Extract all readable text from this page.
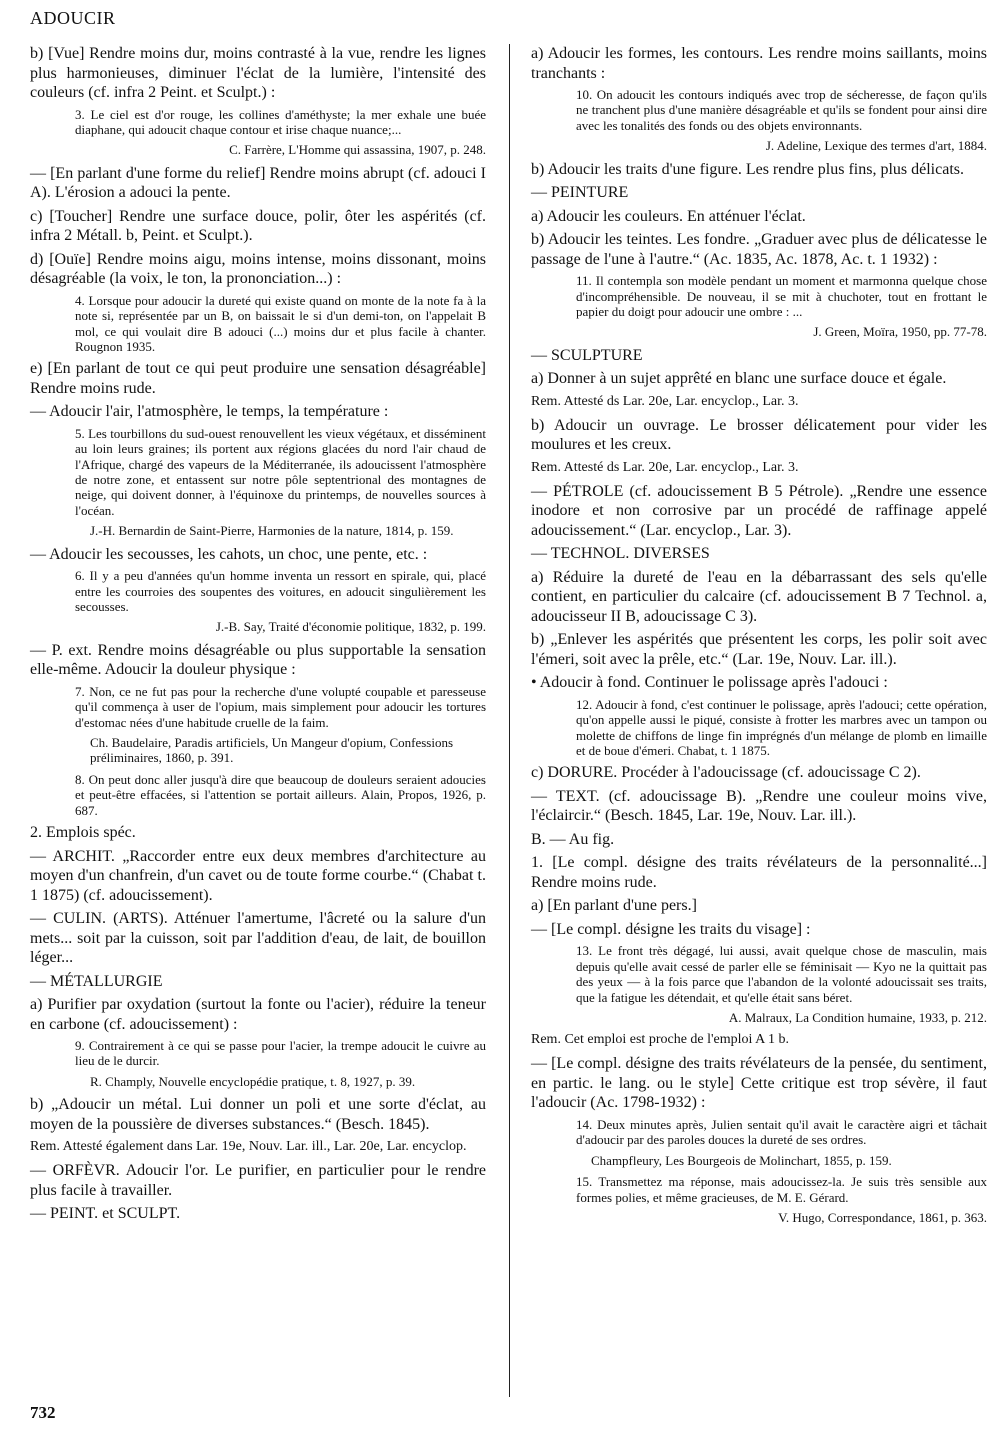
ADOUCIR
b) [Vue] Rendre moins dur, moins contrasté à la vue, rendre les lignes plus harmonieuses, diminuer l'éclat de la lumière, l'intensité des couleurs (cf. infra 2 Peint. et Sculpt.) :
3. Le ciel est d'or rouge, les collines d'améthyste; la mer exhale une buée diaphane, qui adoucit chaque contour et irise chaque nuance;...
C. Farrère, L'Homme qui assassina, 1907, p. 248.
— [En parlant d'une forme du relief] Rendre moins abrupt (cf. adouci I A). L'érosion a adouci la pente.
c) [Toucher] Rendre une surface douce, polir, ôter les aspérités (cf. infra 2 Métall. b, Peint. et Sculpt.).
d) [Ouïe] Rendre moins aigu, moins intense, moins dissonant, moins désagréable (la voix, le ton, la prononciation...) :
4. Lorsque pour adoucir la dureté qui existe quand on monte de la note fa à la note si, représentée par un B, on baissait le si d'un demi-ton, on l'appelait B mol, ce qui voulait dire B adouci (...) moins dur et plus facile à chanter. Rougnon 1935.
e) [En parlant de tout ce qui peut produire une sensation désagréable] Rendre moins rude.
— Adoucir l'air, l'atmosphère, le temps, la température :
5. Les tourbillons du sud-ouest renouvellent les vieux végétaux, et disséminent au loin leurs graines; ils portent aux régions glacées du nord l'air chaud de l'Afrique, chargé des vapeurs de la Méditerranée, ils adoucissent l'atmosphère de notre zone, et entassent sur notre pôle septentrional des montagnes de neige, qui doivent donner, à l'équinoxe du printemps, de nouvelles sources à l'océan.
J.-H. Bernardin de Saint-Pierre, Harmonies de la nature, 1814, p. 159.
— Adoucir les secousses, les cahots, un choc, une pente, etc. :
6. Il y a peu d'années qu'un homme inventa un ressort en spirale, qui, placé entre les courroies des soupentes des voitures, en adoucit singulièrement les secousses.
J.-B. Say, Traité d'économie politique, 1832, p. 199.
— P. ext. Rendre moins désagréable ou plus supportable la sensation elle-même. Adoucir la douleur physique :
7. Non, ce ne fut pas pour la recherche d'une volupté coupable et paresseuse qu'il commença à user de l'opium, mais simplement pour adoucir les tortures d'estomac nées d'une habitude cruelle de la faim.
Ch. Baudelaire, Paradis artificiels, Un Mangeur d'opium, Confessions préliminaires, 1860, p. 391.
8. On peut donc aller jusqu'à dire que beaucoup de douleurs seraient adoucies et peut-être effacées, si l'attention se portait ailleurs. Alain, Propos, 1926, p. 687.
2. Emplois spéc.
— ARCHIT. „Raccorder entre eux deux membres d'architecture au moyen d'un chanfrein, d'un cavet ou de toute forme courbe.“ (Chabat t. 1 1875) (cf. adoucissement).
— CULIN. (ARTS). Atténuer l'amertume, l'âcreté ou la salure d'un mets... soit par la cuisson, soit par l'addition d'eau, de lait, de bouillon léger...
— MÉTALLURGIE
a) Purifier par oxydation (surtout la fonte ou l'acier), réduire la teneur en carbone (cf. adoucissement) :
9. Contrairement à ce qui se passe pour l'acier, la trempe adoucit le cuivre au lieu de le durcir.
R. Champly, Nouvelle encyclopédie pratique, t. 8, 1927, p. 39.
b) „Adoucir un métal. Lui donner un poli et une sorte d'éclat, au moyen de la poussière de diverses substances.“ (Besch. 1845).
Rem. Attesté également dans Lar. 19e, Nouv. Lar. ill., Lar. 20e, Lar. encyclop.
— ORFÈVR. Adoucir l'or. Le purifier, en particulier pour le rendre plus facile à travailler.
— PEINT. et SCULPT.
a) Adoucir les formes, les contours. Les rendre moins saillants, moins tranchants :
10. On adoucit les contours indiqués avec trop de sécheresse, de façon qu'ils ne tranchent plus d'une manière désagréable et qu'ils se fondent pour ainsi dire avec les tonalités des fonds ou des objets environnants.
J. Adeline, Lexique des termes d'art, 1884.
b) Adoucir les traits d'une figure. Les rendre plus fins, plus délicats.
— PEINTURE
a) Adoucir les couleurs. En atténuer l'éclat.
b) Adoucir les teintes. Les fondre. „Graduer avec plus de délicatesse le passage de l'une à l'autre.“ (Ac. 1835, Ac. 1878, Ac. t. 1 1932) :
11. Il contempla son modèle pendant un moment et marmonna quelque chose d'incompréhensible. De nouveau, il se mit à chuchoter, tout en frottant le papier du doigt pour adoucir une ombre : ...
J. Green, Moïra, 1950, pp. 77-78.
— SCULPTURE
a) Donner à un sujet apprêté en blanc une surface douce et égale.
Rem. Attesté ds Lar. 20e, Lar. encyclop., Lar. 3.
b) Adoucir un ouvrage. Le brosser délicatement pour vider les moulures et les creux.
Rem. Attesté ds Lar. 20e, Lar. encyclop., Lar. 3.
— PÉTROLE (cf. adoucissement B 5 Pétrole). „Rendre une essence inodore et non corrosive par un procédé de raffinage appelé adoucissement.“ (Lar. encyclop., Lar. 3).
— TECHNOL. DIVERSES
a) Réduire la dureté de l'eau en la débarrassant des sels qu'elle contient, en particulier du calcaire (cf. adoucissement B 7 Technol. a, adoucisseur II B, adoucissage C 3).
b) „Enlever les aspérités que présentent les corps, les polir soit avec l'émeri, soit avec la prêle, etc.“ (Lar. 19e, Nouv. Lar. ill.).
• Adoucir à fond. Continuer le polissage après l'adouci :
12. Adoucir à fond, c'est continuer le polissage, après l'adouci; cette opération, qu'on appelle aussi le piqué, consiste à frotter les marbres avec un tampon ou molette de chiffons de linge fin imprégnés d'un mélange de plomb en limaille et de boue d'émeri. Chabat, t. 1 1875.
c) DORURE. Procéder à l'adoucissage (cf. adoucissage C 2).
— TEXT. (cf. adoucissage B). „Rendre une couleur moins vive, l'éclaircir.“ (Besch. 1845, Lar. 19e, Nouv. Lar. ill.).
B. — Au fig.
1. [Le compl. désigne des traits révélateurs de la personnalité...] Rendre moins rude.
a) [En parlant d'une pers.]
— [Le compl. désigne les traits du visage] :
13. Le front très dégagé, lui aussi, avait quelque chose de masculin, mais depuis qu'elle avait cessé de parler elle se féminisait — Kyo ne la quittait pas des yeux — à la fois parce que l'abandon de la volonté adoucissait ses traits, que la fatigue les détendait, et qu'elle était sans béret.
A. Malraux, La Condition humaine, 1933, p. 212.
Rem. Cet emploi est proche de l'emploi A 1 b.
— [Le compl. désigne des traits révélateurs de la pensée, du sentiment, en partic. le lang. ou le style] Cette critique est trop sévère, il faut l'adoucir (Ac. 1798-1932) :
14. Deux minutes après, Julien sentait qu'il avait le caractère aigri et tâchait d'adoucir par des paroles douces la dureté de ses ordres.
Champfleury, Les Bourgeois de Molinchart, 1855, p. 159.
15. Transmettez ma réponse, mais adoucissez-la. Je suis très sensible aux formes polies, et même gracieuses, de M. E. Gérard.
V. Hugo, Correspondance, 1861, p. 363.
732
